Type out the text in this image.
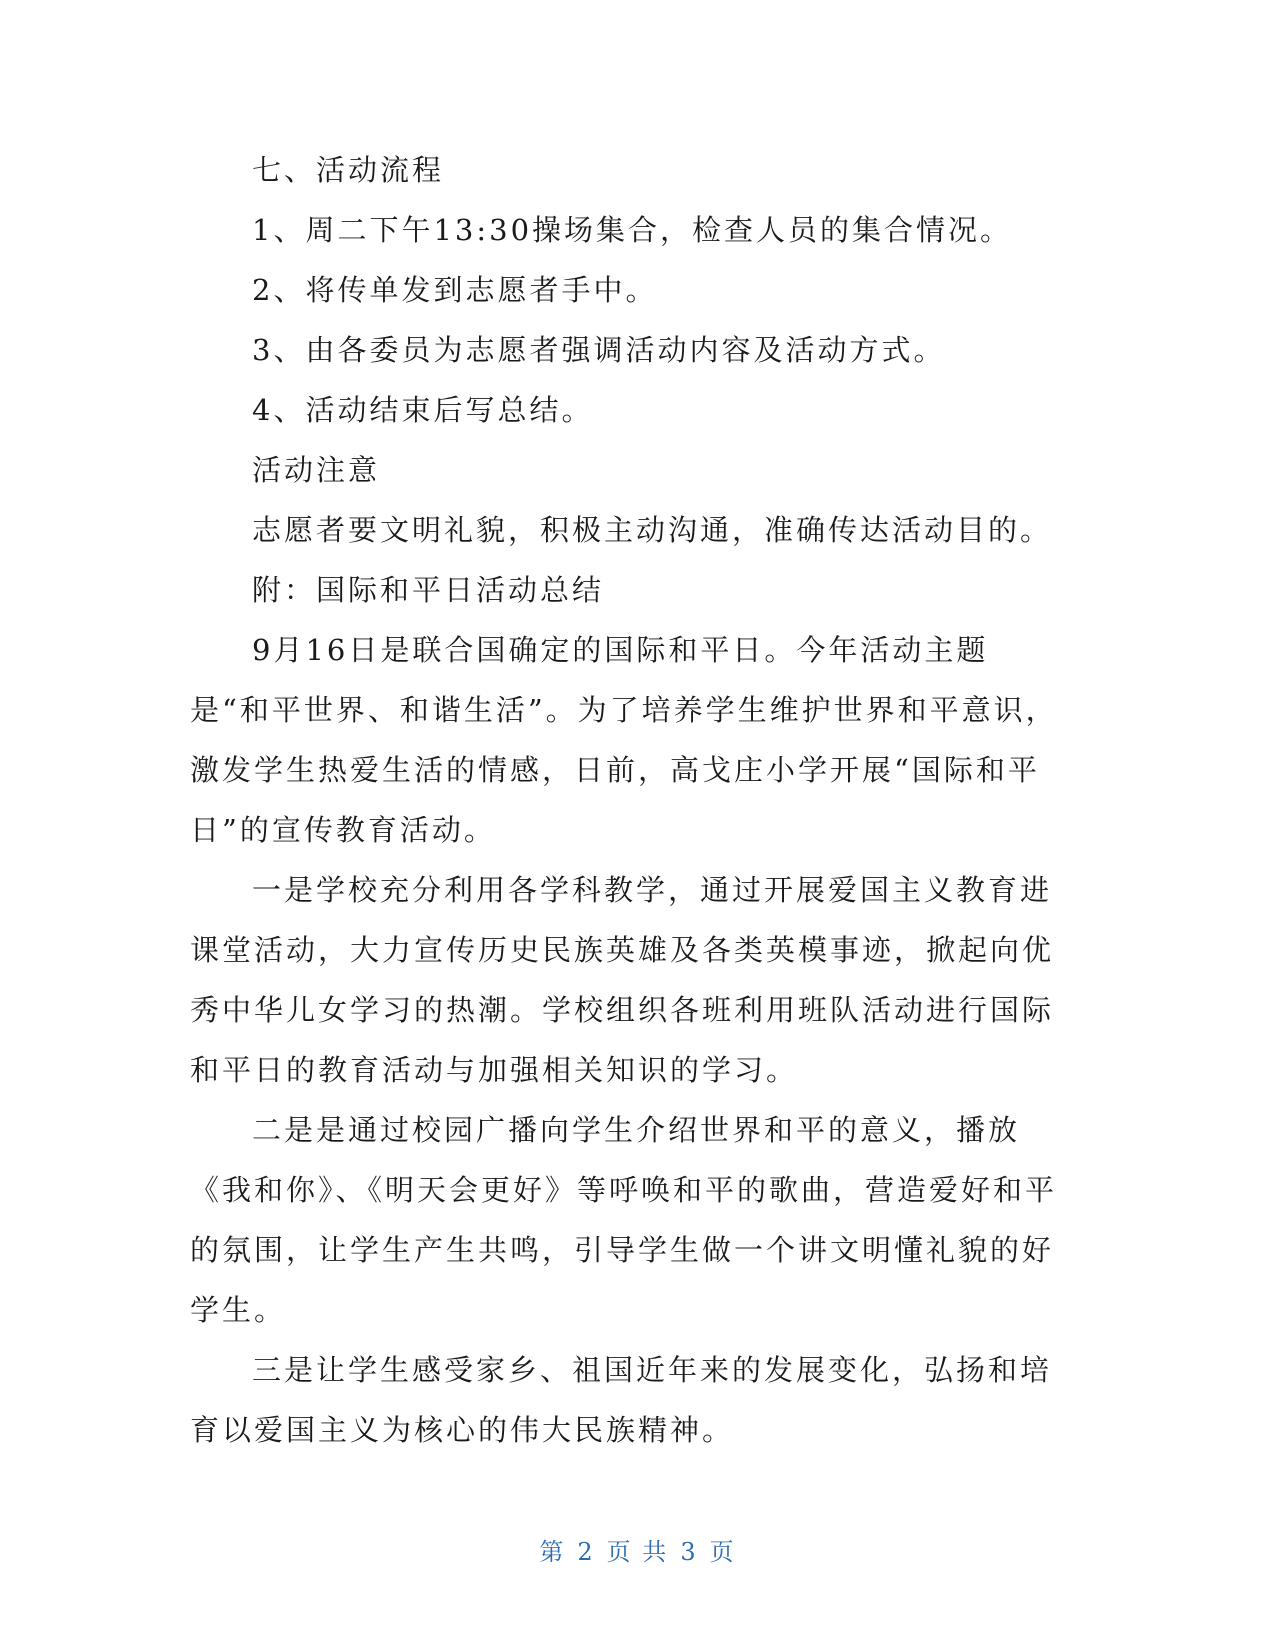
七、活动流程
1、周二下午13:30操场集合，检查人员的集合情况。
2、将传单发到志愿者手中。
3、由各委员为志愿者强调活动内容及活动方式。
4、活动结束后写总结。
活动注意
志愿者要文明礼貌，积极主动沟通，准确传达活动目的。
附：国际和平日活动总结

9月16日是联合国确定的国际和平日。今年活动主题是“和平世界、和谐生活”。为了培养学生维护世界和平意识，激发学生热爱生活的情感，日前，高戈庄小学开展“国际和平日”的宣传教育活动。

一是学校充分利用各学科教学，通过开展爱国主义教育进课堂活动，大力宣传历史民族英雄及各类英模事迹，掀起向优秀中华儿女学习的热潮。学校组织各班利用班队活动进行国际和平日的教育活动与加强相关知识的学习。

二是是通过校园广播向学生介绍世界和平的意义，播放《我和你》、《明天会更好》等呼唤和平的歌曲，营造爱好和平的氛围，让学生产生共鸣，引导学生做一个讲文明懂礼貌的好学生。

三是让学生感受家乡、祖国近年来的发展变化，弘扬和培育以爱国主义为核心的伟大民族精神。

第 2 页 共 3 页
